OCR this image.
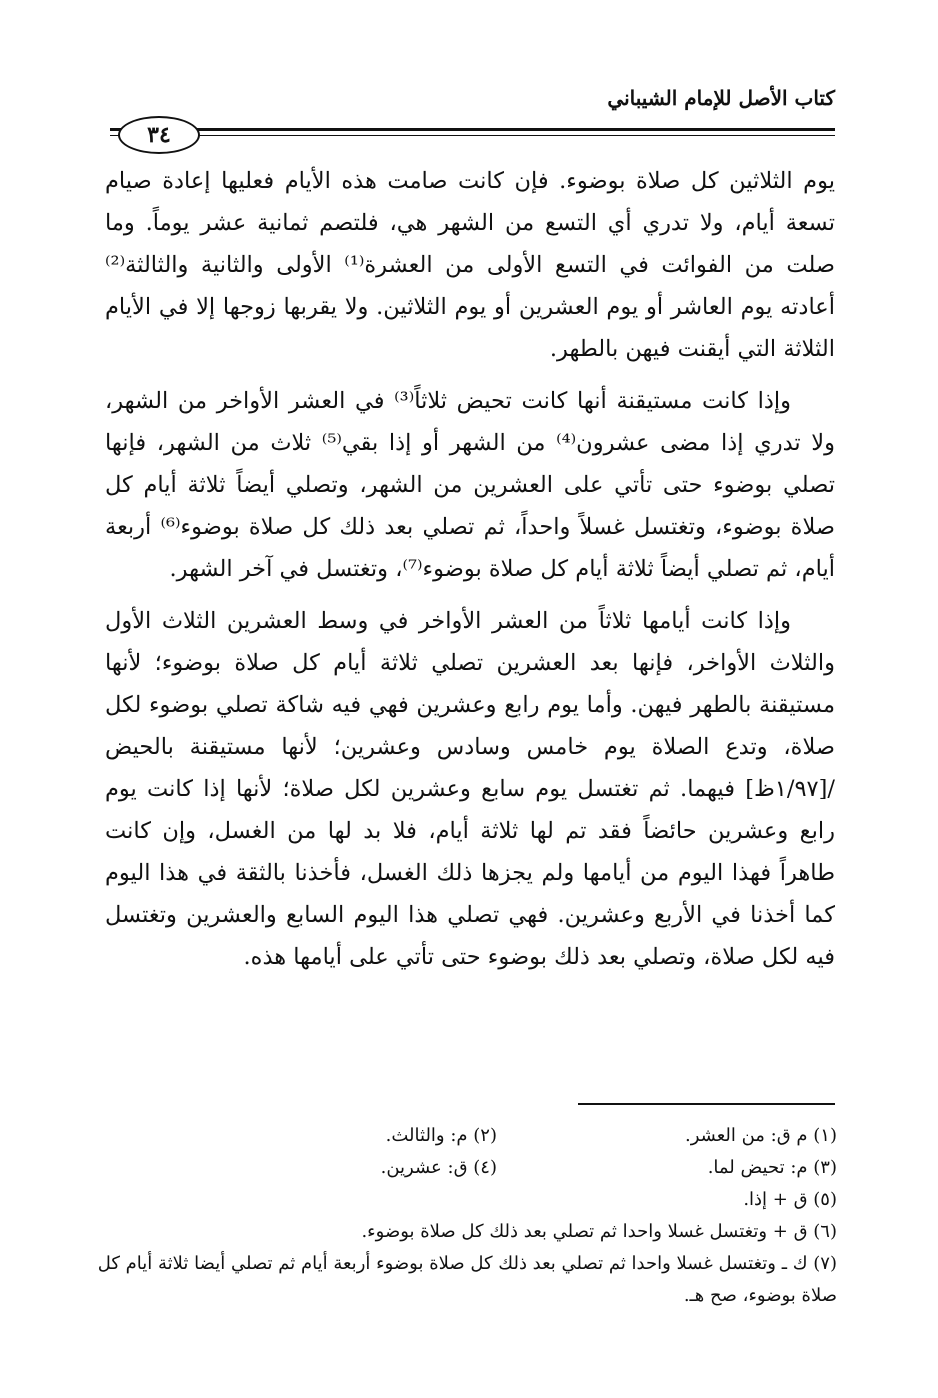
كتاب الأصل للإمام الشيباني
٣٤

يوم الثلاثين كل صلاة بوضوء. فإن كانت صامت هذه الأيام فعليها إعادة صيام تسعة أيام، ولا تدري أي التسع من الشهر هي، فلتصم ثمانية عشر يوماً. وما صلت من الفوائت في التسع الأولى من العشرة⁽¹⁾ الأولى والثانية والثالثة⁽²⁾ أعادته يوم العاشر أو يوم العشرين أو يوم الثلاثين. ولا يقربها زوجها إلا في الأيام الثلاثة التي أيقنت فيهن بالطهر.

وإذا كانت مستيقنة أنها كانت تحيض ثلاثاً⁽³⁾ في العشر الأواخر من الشهر، ولا تدري إذا مضى عشرون⁽⁴⁾ من الشهر أو إذا بقي⁽⁵⁾ ثلاث من الشهر، فإنها تصلي بوضوء حتى تأتي على العشرين من الشهر، وتصلي أيضاً ثلاثة أيام كل صلاة بوضوء، وتغتسل غسلاً واحداً، ثم تصلي بعد ذلك كل صلاة بوضوء⁽⁶⁾ أربعة أيام، ثم تصلي أيضاً ثلاثة أيام كل صلاة بوضوء⁽⁷⁾، وتغتسل في آخر الشهر.

وإذا كانت أيامها ثلاثاً من العشر الأواخر في وسط العشرين الثلاث الأول والثلاث الأواخر، فإنها بعد العشرين تصلي ثلاثة أيام كل صلاة بوضوء؛ لأنها مستيقنة بالطهر فيهن. وأما يوم رابع وعشرين فهي فيه شاكة تصلي بوضوء لكل صلاة، وتدع الصلاة يوم خامس وسادس وعشرين؛ لأنها مستيقنة بالحيض /[١/٩٧ظ] فيهما. ثم تغتسل يوم سابع وعشرين لكل صلاة؛ لأنها إذا كانت يوم رابع وعشرين حائضاً فقد تم لها ثلاثة أيام، فلا بد لها من الغسل، وإن كانت طاهراً فهذا اليوم من أيامها ولم يجزها ذلك الغسل، فأخذنا بالثقة في هذا اليوم كما أخذنا في الأربع وعشرين. فهي تصلي هذا اليوم السابع والعشرين وتغتسل فيه لكل صلاة، وتصلي بعد ذلك بوضوء حتى تأتي على أيامها هذه.

(١) م ق: من العشر.
(٢) م: والثالث.
(٣) م: تحيض لما.
(٤) ق: عشرين.
(٥) ق + إذا.
(٦) ق + وتغتسل غسلا واحدا ثم تصلي بعد ذلك كل صلاة بوضوء.
(٧) ك ـ وتغتسل غسلا واحدا ثم تصلي بعد ذلك كل صلاة بوضوء أربعة أيام ثم تصلي أيضا ثلاثة أيام كل صلاة بوضوء، صح هـ.
